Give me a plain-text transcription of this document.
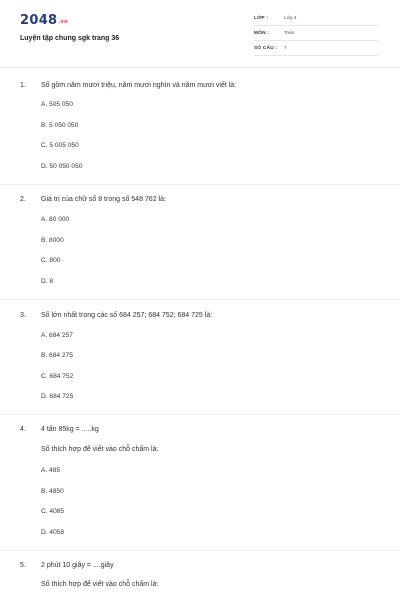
2048.vn
Luyện tập chung sgk trang 36
LỚP :	Lớp 4
MÔN :	Toán
SỐ CÂU : 7
1. Số gồm năm mươi triệu, năm mươi nghìn và năm mươi viết là:
A. 505 050
B. 5 050 050
C. 5 005 050
D. 50 050 050
2. Giá trị của chữ số 8 trong số 548 762 là:
A. 80 000
B. 8000
C. 800
D. 8
3. Số lớn nhất trong các số 684 257; 684 752; 684 725 là:
A. 684 257
B. 684 275
C. 684 752
D. 684 725
4. 4 tấn 85kg = .....kg
Số thích hợp để viết vào chỗ chấm là:
A. 485
B. 4850
C. 4085
D. 4058
5. 2 phút 10 giây = ....giây
Số thích hợp để viết vào chỗ chấm là:
